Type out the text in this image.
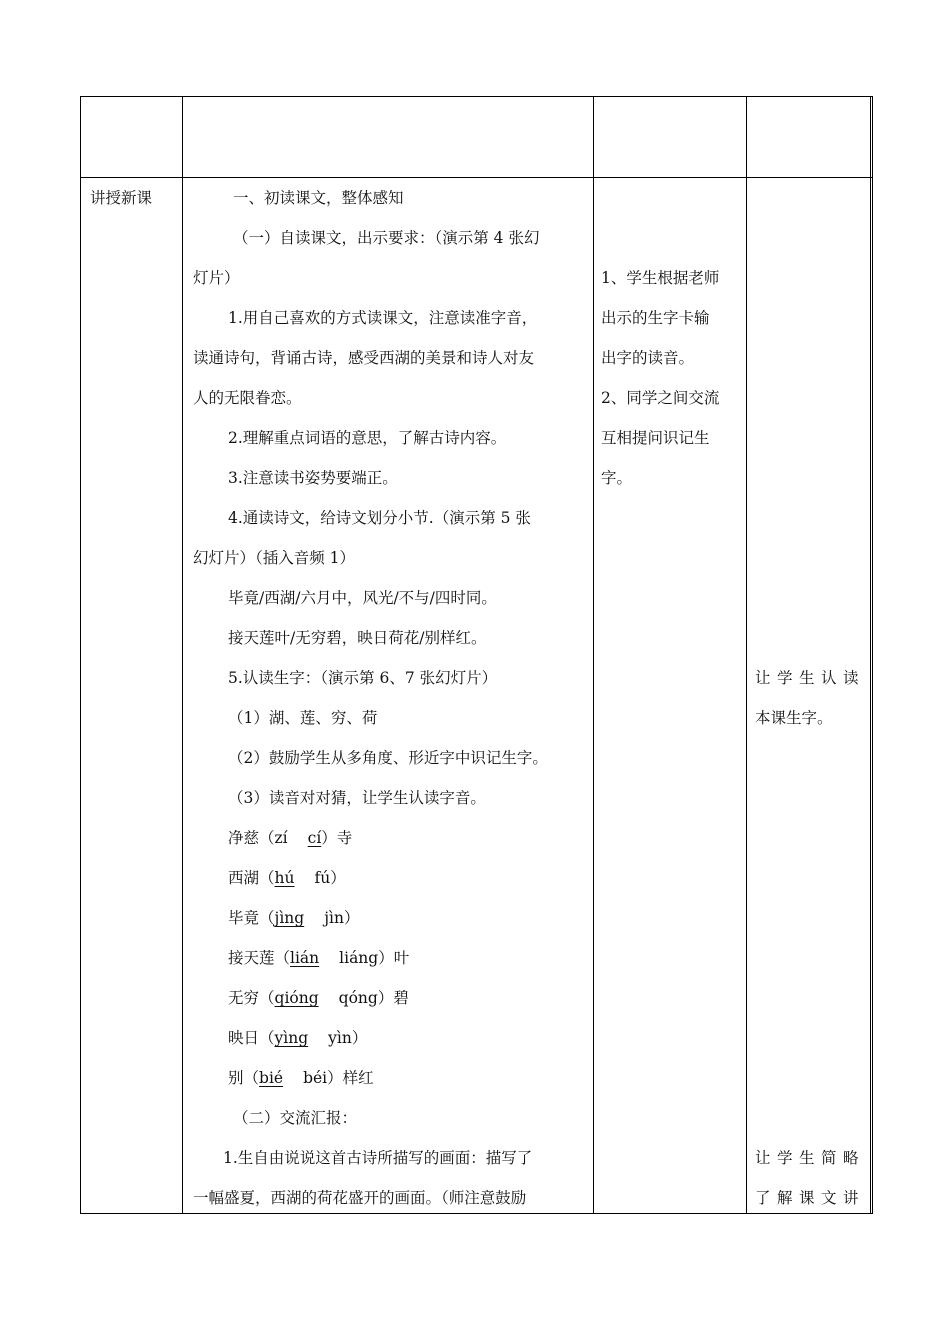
讲授新课	一、初读课文，整体感知
（一）自读课文，出示要求：（演示第 4 张幻
灯片）
1.用自己喜欢的方式读课文，注意读准字音，
读通诗句，背诵古诗，感受西湖的美景和诗人对友
人的无限眷恋。
2.理解重点词语的意思，了解古诗内容。
3.注意读书姿势要端正。
4.通读诗文，给诗文划分小节.（演示第 5 张
幻灯片）（插入音频 1）
毕竟/西湖/六月中，风光/不与/四时同。
接天莲叶/无穷碧，映日荷花/别样红。
5.认读生字：（演示第 6、7 张幻灯片）
（1）湖、莲、穷、荷
（2）鼓励学生从多角度、形近字中识记生字。
（3）读音对对猜，让学生认读字音。
净慈（zí cí）寺
西湖（hú fú）
毕竟（jìng jìn）
接天莲（lián liáng）叶
无穷（qióng qóng）碧
映日（yìng yìn）
别（bié béi）样红
（二）交流汇报：
1.生自由说说这首古诗所描写的画面：描写了
一幅盛夏，西湖的荷花盛开的画面。（师注意鼓励
1、学生根据老师
出示的生字卡输
出字的读音。
2、同学之间交流
互相提问识记生
字。
让学生认读
本课生字。
让学生简略
了解课文讲
